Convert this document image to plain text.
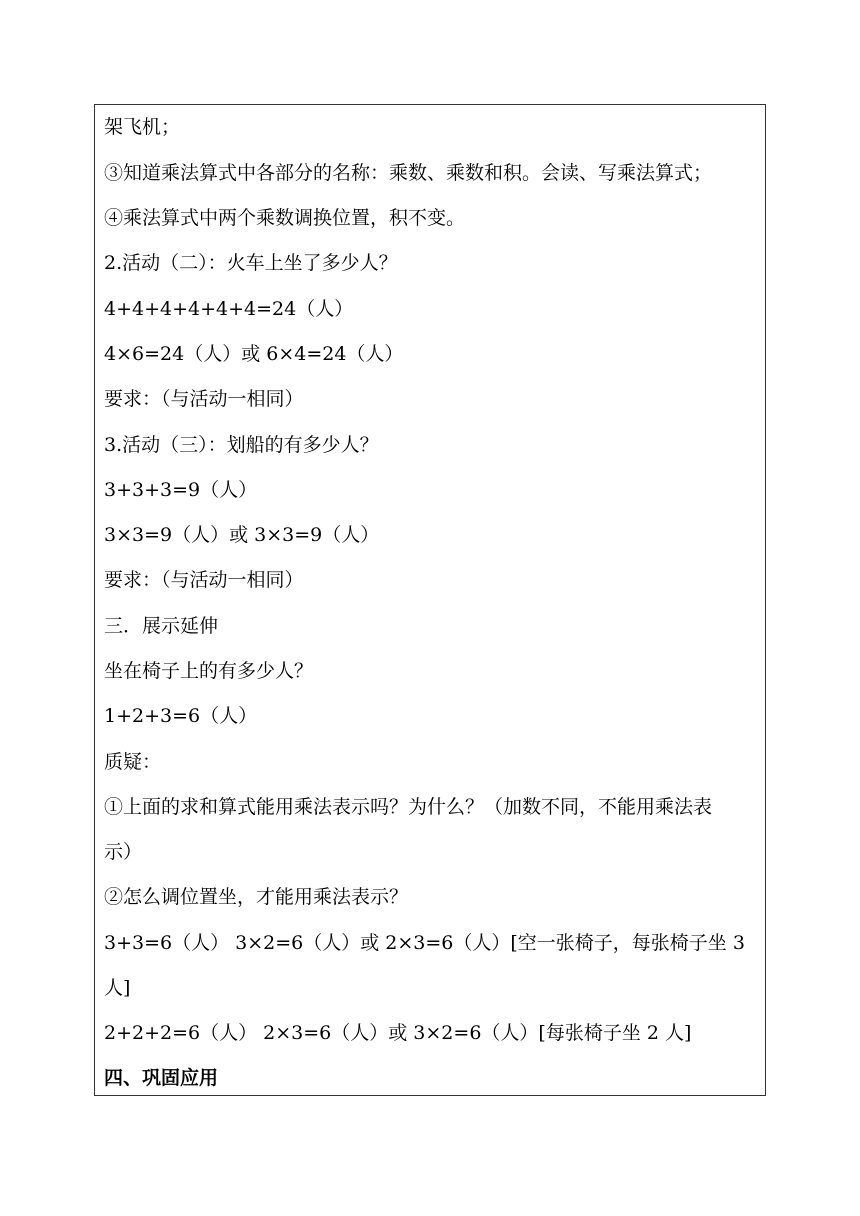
架飞机；
③知道乘法算式中各部分的名称：乘数、乘数和积。会读、写乘法算式；
④乘法算式中两个乘数调换位置，积不变。
2.活动（二）：火车上坐了多少人？
4+4+4+4+4+4=24（人）
4×6=24（人）或 6×4=24（人）
要求：（与活动一相同）
3.活动（三）：划船的有多少人？
3+3+3=9（人）
3×3=9（人）或 3×3=9（人）
要求：（与活动一相同）
三．展示延伸
坐在椅子上的有多少人？
1+2+3=6（人）
质疑：
①上面的求和算式能用乘法表示吗？为什么？（加数不同，不能用乘法表
示）
②怎么调位置坐，才能用乘法表示？
3+3=6（人） 3×2=6（人）或 2×3=6（人）[空一张椅子，每张椅子坐 3
人]
2+2+2=6（人） 2×3=6（人）或 3×2=6（人）[每张椅子坐 2 人]
四、巩固应用
